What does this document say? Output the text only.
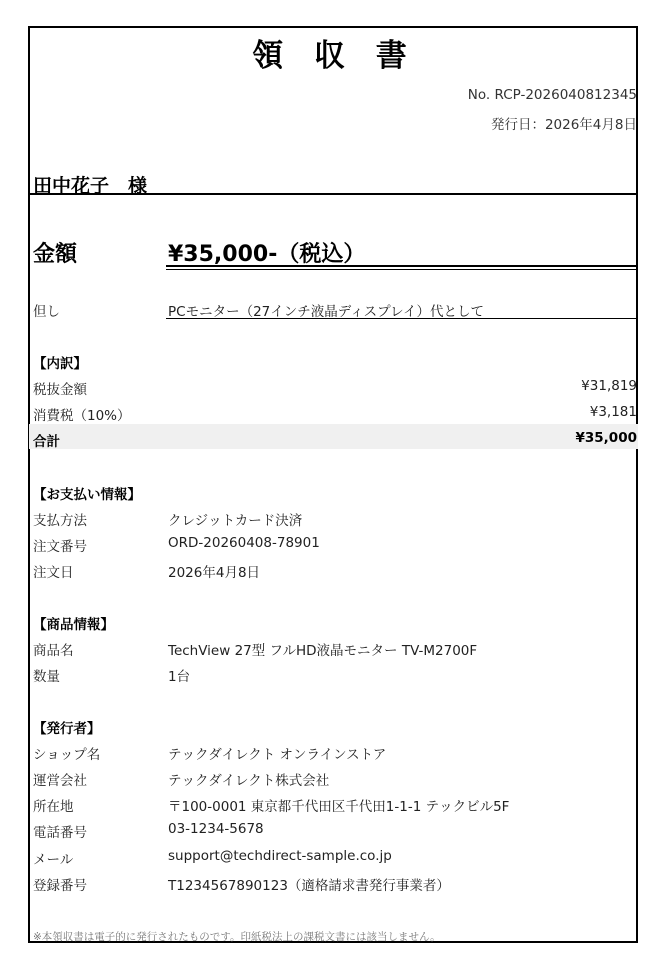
領 収 書
No. RCP-2026040812345
発行日：2026年4月8日
田中花子　様
金額	¥35,000-（税込）
但し	PCモニター（27インチ液晶ディスプレイ）代として
【内訳】
税抜金額	¥31,819
消費税（10%）	¥3,181
合計	¥35,000
【お支払い情報】
支払方法	クレジットカード決済
注文番号	ORD-20260408-78901
注文日	2026年4月8日
【商品情報】
商品名	TechView 27型 フルHD液晶モニター TV-M2700F
数量	1台
【発行者】
ショップ名	テックダイレクト オンラインストア
運営会社	テックダイレクト株式会社
所在地	〒100-0001 東京都千代田区千代田1-1-1 テックビル5F
電話番号	03-1234-5678
メール	support@techdirect-sample.co.jp
登録番号	T1234567890123（適格請求書発行事業者）
※本領収書は電子的に発行されたものです。印紙税法上の課税文書には該当しません。
